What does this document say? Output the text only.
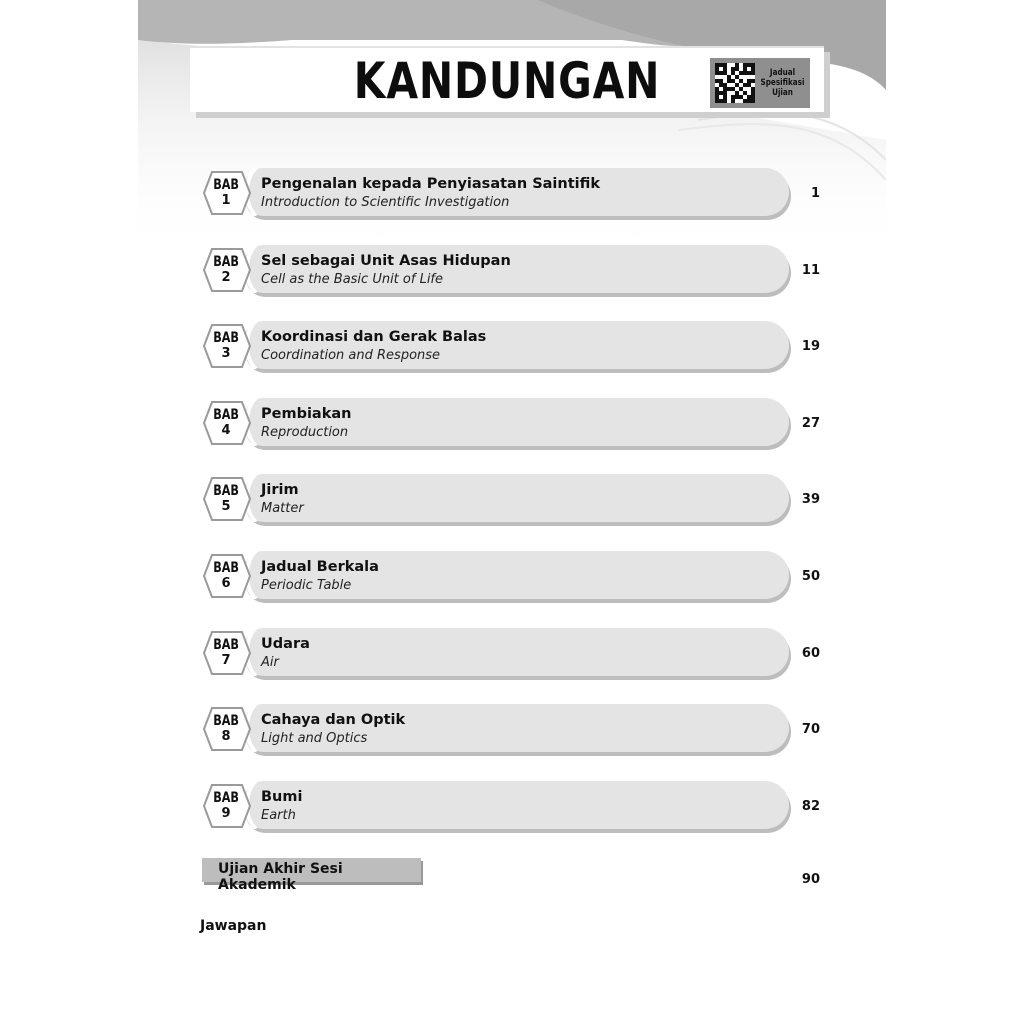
KANDUNGAN	Jadual
Spesifikasi
Ujian
BAB
1
Pengenalan kepada Penyiasatan Saintifik
Introduction to Scientific Investigation
1
BAB
2
Sel sebagai Unit Asas Hidupan
Cell as the Basic Unit of Life
11
BAB
3
Koordinasi dan Gerak Balas
Coordination and Response
19
BAB
4
Pembiakan
Reproduction
27
BAB
5
Jirim
Matter
39
BAB
6
Jadual Berkala
Periodic Table
50
BAB
7
Udara
Air
60
BAB
8
Cahaya dan Optik
Light and Optics
70
BAB
9
Bumi
Earth
82
Ujian Akhir Sesi Akademik	90
Jawapan
